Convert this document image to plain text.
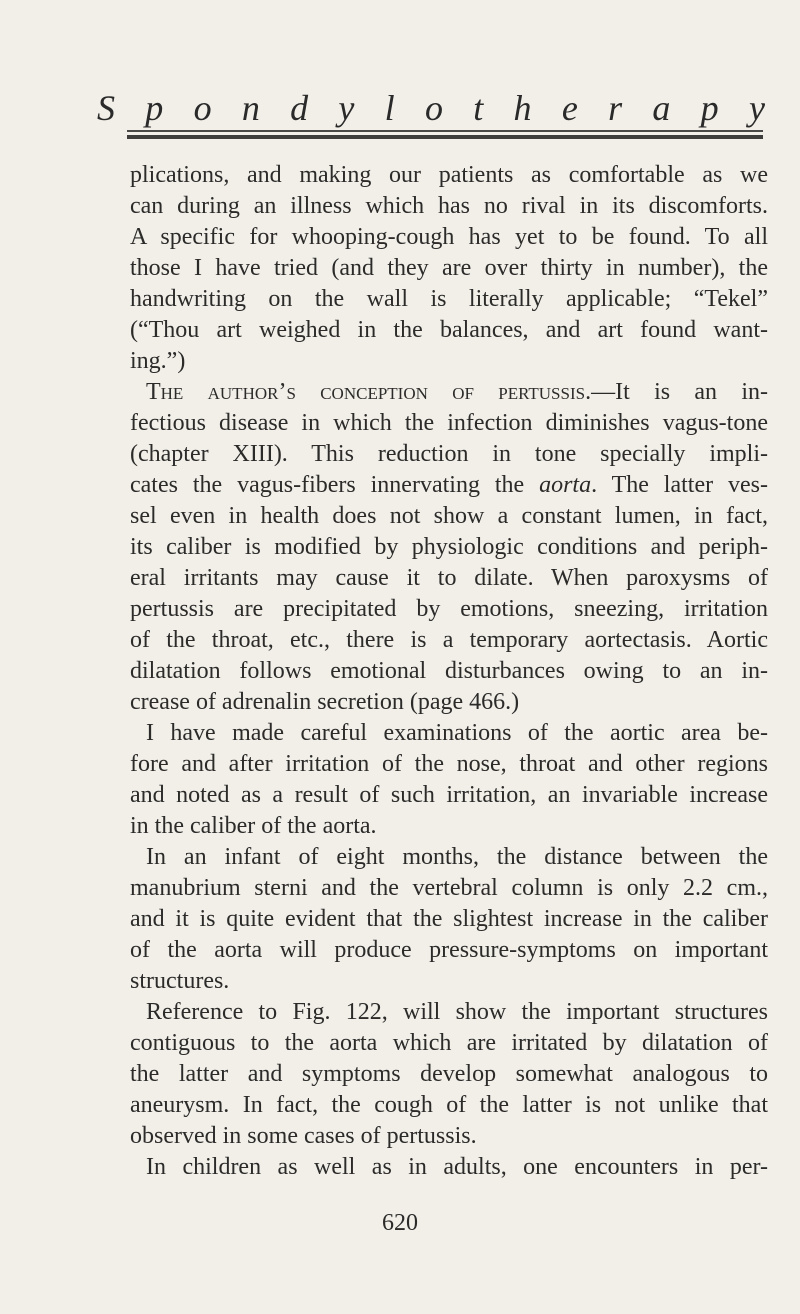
S p o n d y l o t h e r a p y
plications, and making our patients as comfortable as we
can during an illness which has no rival in its discomforts.
A specific for whooping-cough has yet to be found. To all
those I have tried (and they are over thirty in number), the
handwriting on the wall is literally applicable; “Tekel”
(“Thou art weighed in the balances, and art found want-
ing.”)
The author’s conception of pertussis.—It is an in-
fectious disease in which the infection diminishes vagus-tone
(chapter XIII). This reduction in tone specially impli-
cates the vagus-fibers innervating the aorta. The latter ves-
sel even in health does not show a constant lumen, in fact,
its caliber is modified by physiologic conditions and periph-
eral irritants may cause it to dilate. When paroxysms of
pertussis are precipitated by emotions, sneezing, irritation
of the throat, etc., there is a temporary aortectasis. Aortic
dilatation follows emotional disturbances owing to an in-
crease of adrenalin secretion (page 466.)
I have made careful examinations of the aortic area be-
fore and after irritation of the nose, throat and other regions
and noted as a result of such irritation, an invariable increase
in the caliber of the aorta.
In an infant of eight months, the distance between the
manubrium sterni and the vertebral column is only 2.2 cm.,
and it is quite evident that the slightest increase in the caliber
of the aorta will produce pressure-symptoms on important
structures.
Reference to Fig. 122, will show the important structures
contiguous to the aorta which are irritated by dilatation of
the latter and symptoms develop somewhat analogous to
aneurysm. In fact, the cough of the latter is not unlike that
observed in some cases of pertussis.
In children as well as in adults, one encounters in per-
620
